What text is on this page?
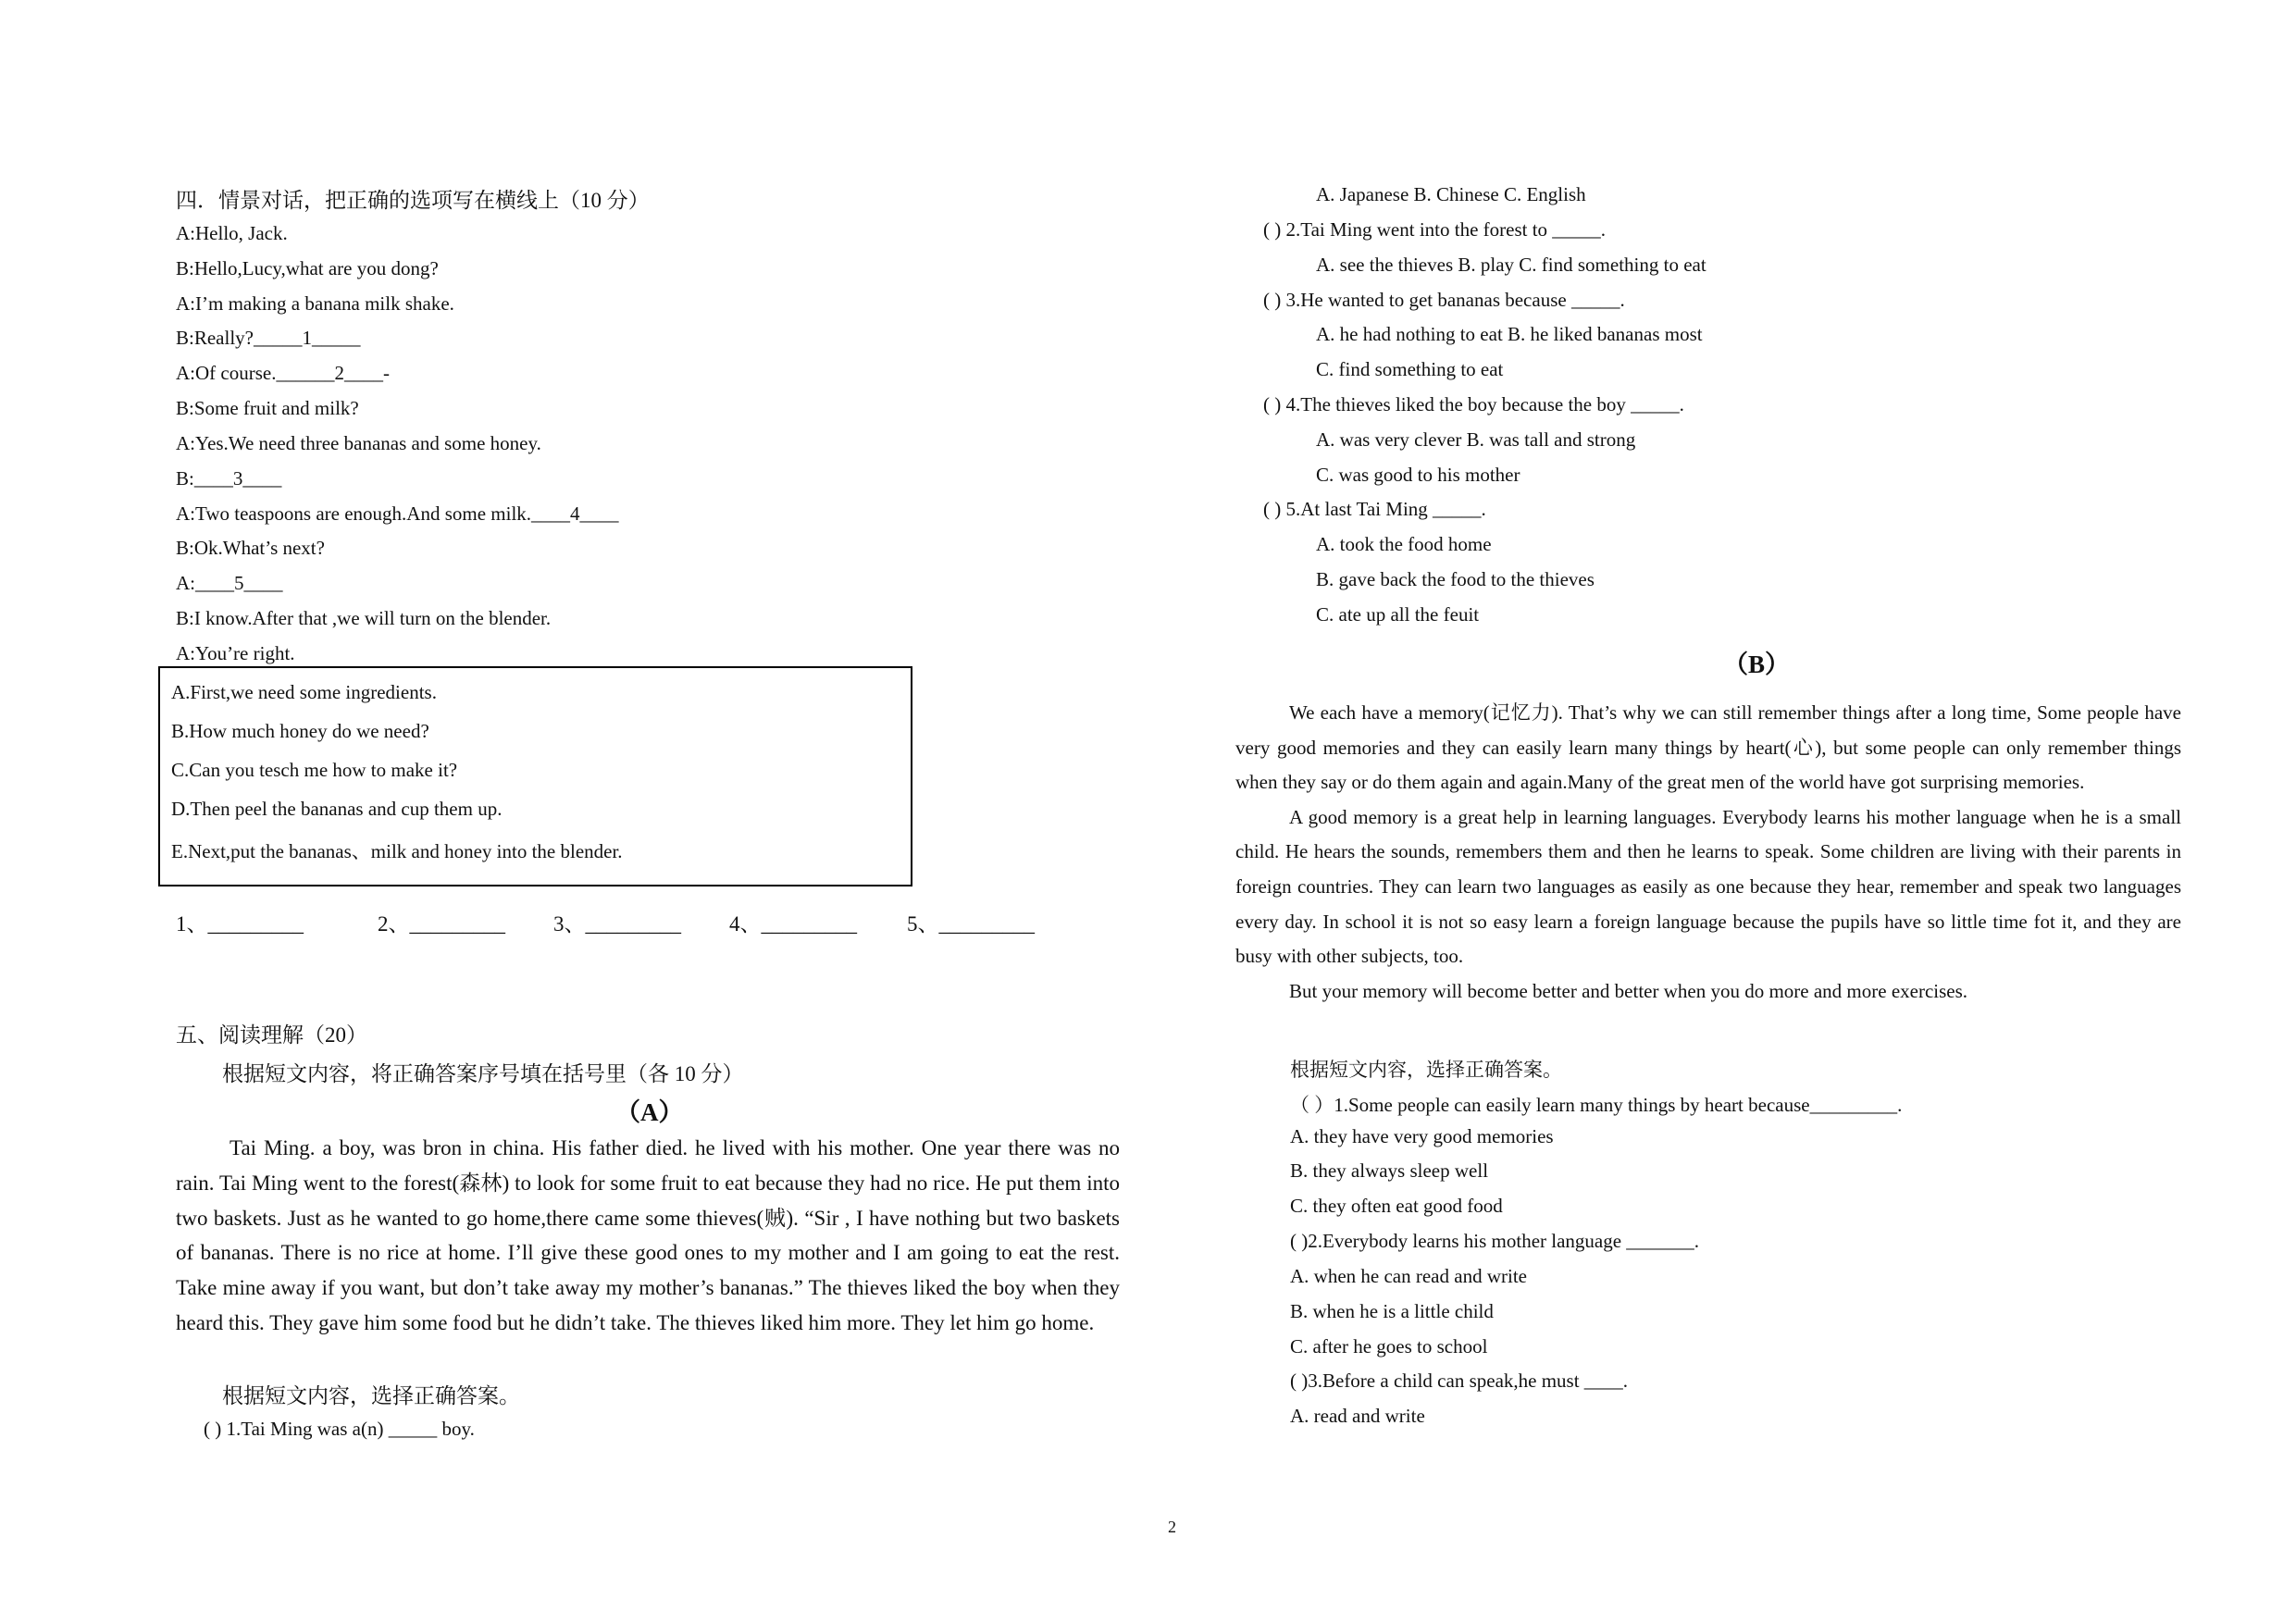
四．情景对话，把正确的选项写在横线上（10 分）
A:Hello, Jack.
B:Hello,Lucy,what are you dong?
A:I’m making a banana milk shake.
B:Really?_____1_____
A:Of course.______2____-
B:Some fruit and milk?
A:Yes.We need three bananas and some honey.
B:____3____
A:Two teaspoons are enough.And some milk.____4____
B:Ok.What’s next?
A:____5____
B:I know.After that ,we will turn on the blender.
A:You’re right.
A.First,we need some ingredients.
B.How much honey do we need?
C.Can you tesch me how to make it?
D.Then peel the bananas and cup them up.
E.Next,put the bananas、milk and honey into the blender.
1、_________	2、_________ 3、_________ 4、_________ 5、_________
五、阅读理解（20）
根据短文内容，将正确答案序号填在括号里（各 10 分）
（A）

Tai Ming. a boy, was bron in china. His father died. he lived with his mother. One year there was no rain. Tai Ming went to the forest(森林) to look for some fruit to eat because they had no rice. He put them into two baskets. Just as he wanted to go home,there came some thieves(贼). “Sir , I have nothing but two baskets of bananas. There is no rice at home. I’ll give these good ones to my mother and I am going to eat the rest. Take mine away if you want, but don’t take away my mother’s bananas.” The thieves liked the boy when they heard this. They gave him some food but he didn’t take. The thieves liked him more. They let him go home.

根据短文内容，选择正确答案。
( ) 1.Tai Ming was a(n) _____ boy.
A. Japanese B. Chinese C. English
( ) 2.Tai Ming went into the forest to _____.
A. see the thieves B. play C. find something to eat
( ) 3.He wanted to get bananas because _____.
A. he had nothing to eat B. he liked bananas most
C. find something to eat
( ) 4.The thieves liked the boy because the boy _____.
A. was very clever B. was tall and strong
C. was good to his mother
( ) 5.At last Tai Ming _____.
A. took the food home
B. gave back the food to the thieves
C. ate up all the feuit
（B）

We each have a memory(记忆力). That’s why we can still remember things after a long time, Some people have very good memories and they can easily learn many things by heart(心), but some people can only remember things when they say or do them again and again.Many of the great men of the world have got surprising memories.

A good memory is a great help in learning languages. Everybody learns his mother language when he is a small child. He hears the sounds, remembers them and then he learns to speak. Some children are living with their parents in foreign countries. They can learn two languages as easily as one because they hear, remember and speak two languages every day. In school it is not so easy learn a foreign language because the pupils have so little time fot it, and they are busy with other subjects, too.

But your memory will become better and better when you do more and more exercises.

根据短文内容，选择正确答案。
（ ）1.Some people can easily learn many things by heart because_________.
A. they have very good memories
B. they always sleep well
C. they often eat good food
( )2.Everybody learns his mother language _______.
A. when he can read and write
B. when he is a little child
C. after he goes to school
( )3.Before a child can speak,he must ____.
A. read and write
2
